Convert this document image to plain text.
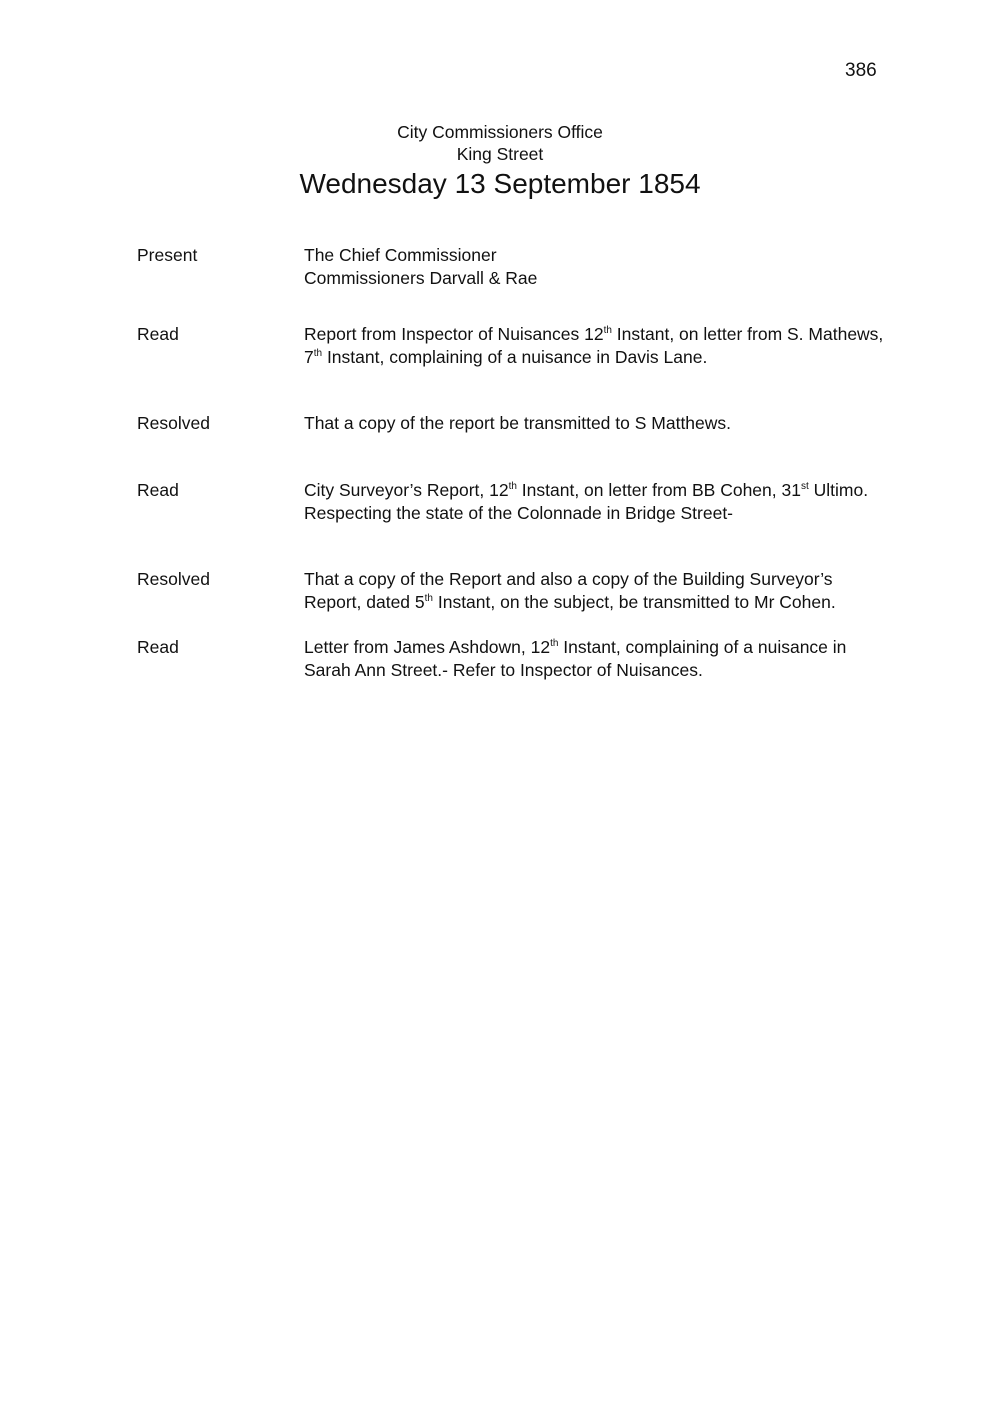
386
City Commissioners Office
King Street
Wednesday 13 September 1854
Present	The Chief Commissioner
Commissioners Darvall & Rae
Read	Report from Inspector of Nuisances 12th Instant, on letter from S. Mathews,
7th Instant, complaining of a nuisance in Davis Lane.
Resolved	That a copy of the report be transmitted to S Matthews.
Read	City Surveyor’s Report, 12th Instant, on letter from BB Cohen, 31st Ultimo.
Respecting the state of the Colonnade in Bridge Street-
Resolved	That a copy of the Report and also a copy of the Building Surveyor’s
Report, dated 5th Instant, on the subject, be transmitted to Mr Cohen.
Read	Letter from James Ashdown, 12th Instant, complaining of a nuisance in
Sarah Ann Street.- Refer to Inspector of Nuisances.
